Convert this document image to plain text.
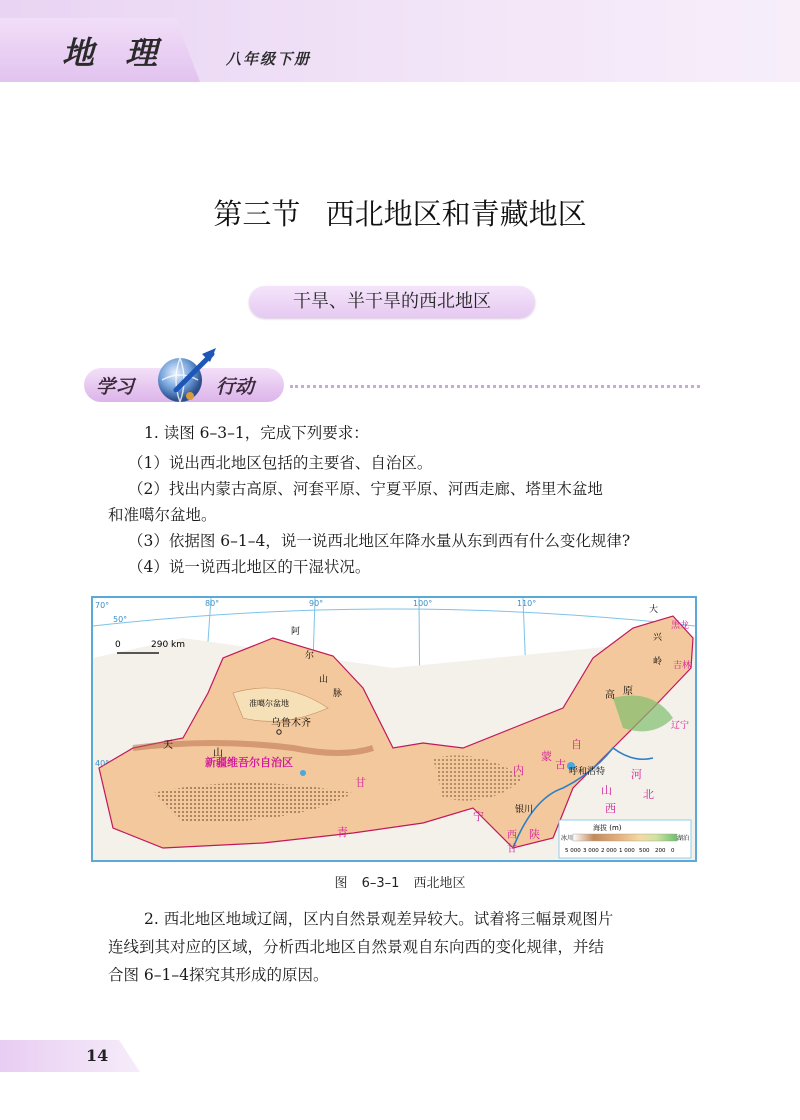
地 理	八年级下册
第三节 西北地区和青藏地区
干旱、半干旱的西北地区
学习	行动
1. 读图 6–3–1，完成下列要求：
（1）说出西北地区包括的主要省、自治区。
（2）找出内蒙古高原、河套平原、宁夏平原、河西走廊、塔里木盆地
和准噶尔盆地。
（3）依据图 6–1–4，说一说西北地区年降水量从东到西有什么变化规律?
（4）说一说西北地区的干湿状况。
0	290 km
70°	80°	90°	100°	110°
40°
50°
新疆维吾尔自治区
内
蒙
古
自
甘
青
宁
陕
山
西
河
北
黑龙
吉林
辽宁
西
甘
乌鲁木齐
呼和浩特
银川
准噶尔盆地
天
山
阿
尔
山
脉	高 原
大
兴
岭
海拔 (m)
冰川	湖泊
5 000 3 000 2 000 1 000 500 200 0
图 6–3–1 西北地区
2. 西北地区地域辽阔，区内自然景观差异较大。试着将三幅景观图片
连线到其对应的区域，分析西北地区自然景观自东向西的变化规律，并结
合图 6–1–4探究其形成的原因。
14
